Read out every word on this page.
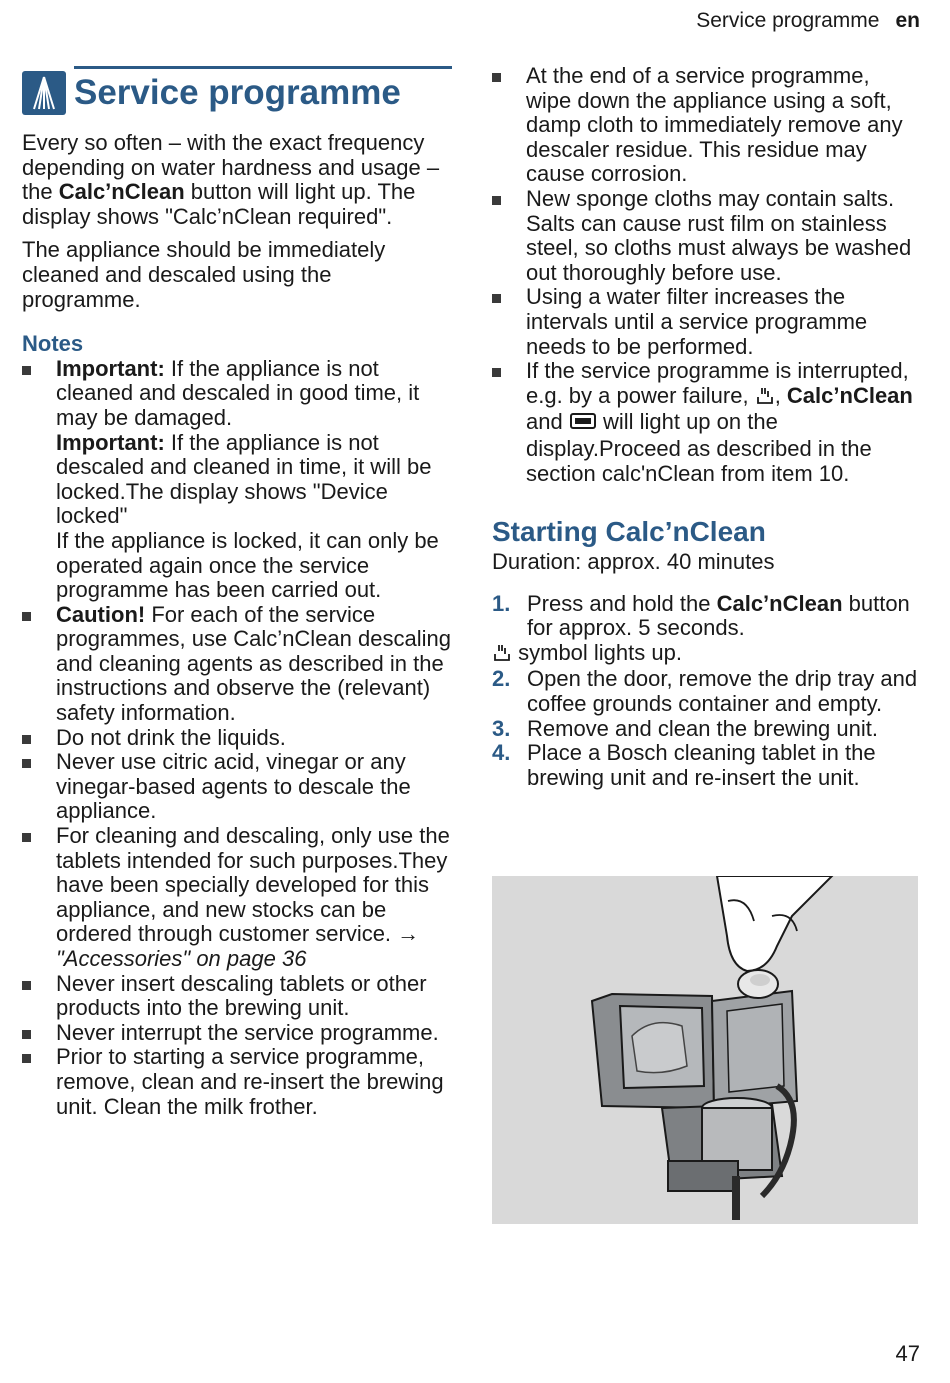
Service programme en
Service programme

Every so often – with the exact frequency depending on water hardness and usage – the Calc’nClean button will light up. The display shows "Calc’nClean required".

The appliance should be immediately cleaned and descaled using the programme.

Notes
Important: If the appliance is not cleaned and descaled in good time, it may be damaged.
Important: If the appliance is not descaled and cleaned in time, it will be locked.The display shows "Device locked"
If the appliance is locked, it can only be operated again once the service programme has been carried out.
Caution! For each of the service programmes, use Calc’nClean descaling and cleaning agents as described in the instructions and observe the (relevant) safety information.
Do not drink the liquids.
Never use citric acid, vinegar or any vinegar-based agents to descale the appliance.
For cleaning and descaling, only use the tablets intended for such purposes.They have been specially developed for this appliance, and new stocks can be ordered through customer service. → "Accessories" on page 36
Never insert descaling tablets or other products into the brewing unit.
Never interrupt the service programme.
Prior to starting a service programme, remove, clean and re-insert the brewing unit. Clean the milk frother.
At the end of a service programme, wipe down the appliance using a soft, damp cloth to immediately remove any descaler residue. This residue may cause corrosion.
New sponge cloths may contain salts. Salts can cause rust film on stainless steel, so cloths must always be washed out thoroughly before use.
Using a water filter increases the intervals until a service programme needs to be performed.
If the service programme is interrupted, e.g. by a power failure, , Calc’nClean and  will light up on the display.Proceed as described in the section calc'nClean from item 10.
Starting Calc’nClean

Duration: approx. 40 minutes

1. Press and hold the Calc’nClean button for approx. 5 seconds.

symbol lights up.

2. Open the door, remove the drip tray and coffee grounds container and empty.
3. Remove and clean the brewing unit.
4. Place a Bosch cleaning tablet in the brewing unit and re-insert the unit.
47
